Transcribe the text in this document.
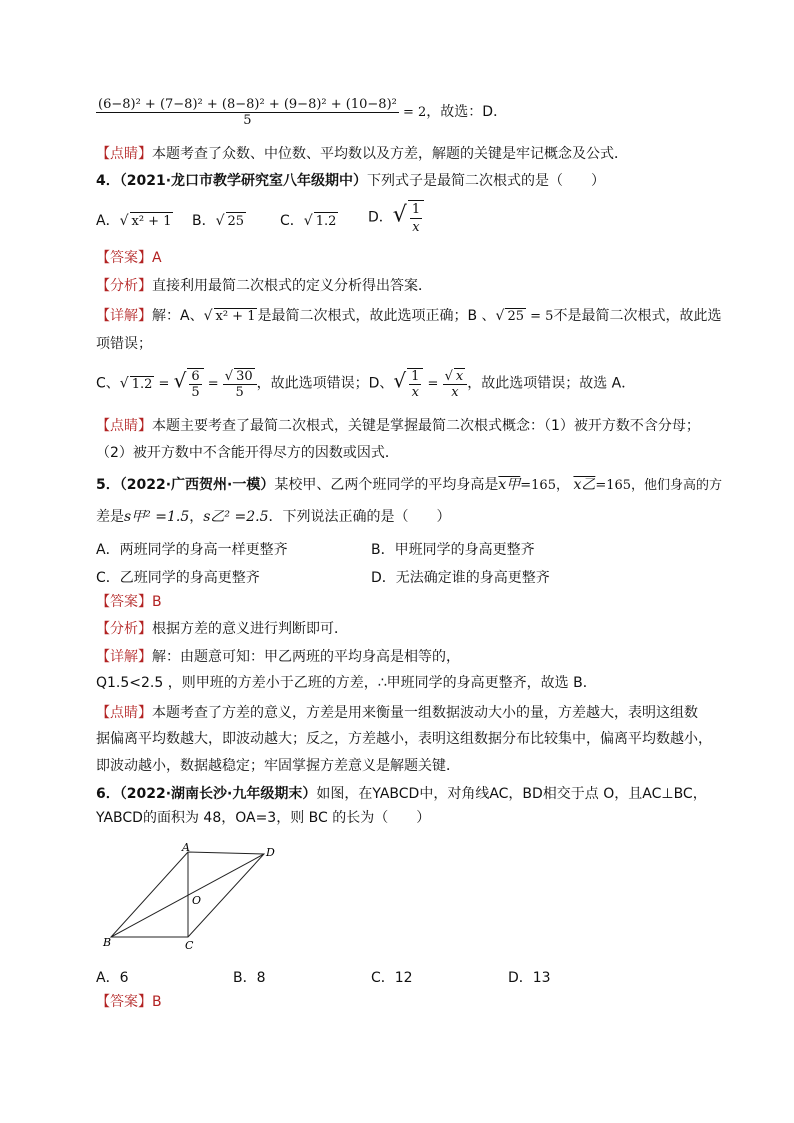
$\frac{\text{(6−8)² + (7−8)² + (8−8)² + (9−8)² + (10−8)²}}{5} = 2$，故选：D．
【点睛】本题考查了众数、中位数、平均数以及方差，解题的关键是牢记概念及公式．
4．（2021·龙口市教学研究室八年级期中）下列式子是最简二次根式的是（　　）
A．√ x² + 1 B．√ 25	C．√ 1.2 D．√ $\frac{1}{x}$
【答案】A
【分析】直接利用最简二次根式的定义分析得出答案．
【详解】解：A、√ x² + 1 是最简二次根式，故此选项正确；B 、√ 25 = 5不是最简二次根式，故此选
项错误；
C、√ 1.2 = √ $\frac{6}{5} = \frac{√ 30}{5}$ ，故此选项错误；D、√ $\frac{1}{x} = \frac{√ x}{x}$ ，故此选项错误；故选 A．
【点睛】本题主要考查了最简二次根式，关键是掌握最简二次根式概念：（1）被开方数不含分母；
（2）被开方数中不含能开得尽方的因数或因式．
5．（2022·广西贺州·一模）某校甲、乙两个班同学的平均身高是x甲=165， x乙=165，他们身高的方
差是s甲² =1.5，s乙² =2.5．下列说法正确的是（　　）
A．两班同学的身高一样更整齐	B．甲班同学的身高更整齐
C．乙班同学的身高更整齐	D．无法确定谁的身高更整齐
【答案】B
【分析】根据方差的意义进行判断即可．
【详解】解：由题意可知：甲乙两班的平均身高是相等的，
Q1.5<2.5 ，则甲班的方差小于乙班的方差，∴甲班同学的身高更整齐，故选 B．
【点睛】本题考查了方差的意义，方差是用来衡量一组数据波动大小的量，方差越大，表明这组数
据偏离平均数越大，即波动越大；反之，方差越小，表明这组数据分布比较集中，偏离平均数越小，
即波动越小，数据越稳定；牢固掌握方差意义是解题关键．
6．（2022·湖南长沙·九年级期末）如图，在YABCD中，对角线AC，BD相交于点 O，且AC⊥BC，
YABCD的面积为 48，OA=3，则 BC 的长为（　　）
A	D
O
B	C
A．6	B．8	C．12	D．13
【答案】B
